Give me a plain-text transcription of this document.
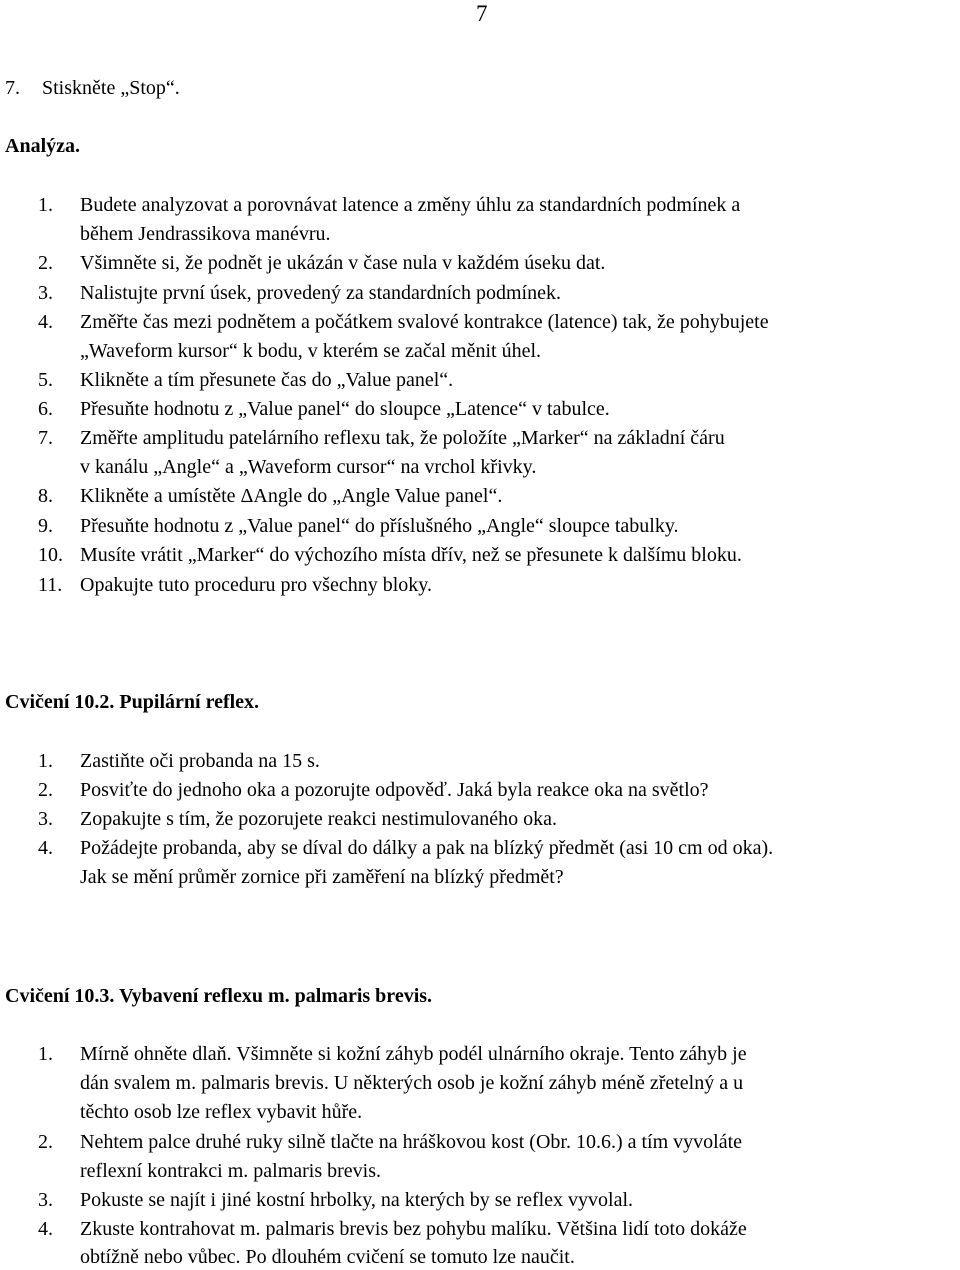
7
7. Stiskněte „Stop“.
Analýza.
1. Budete analyzovat a porovnávat latence a změny úhlu za standardních podmínek a
během Jendrassikova manévru.
2. Všimněte si, že podnět je ukázán v čase nula v každém úseku dat.
3. Nalistujte první úsek, provedený za standardních podmínek.
4. Změřte čas mezi podnětem a počátkem svalové kontrakce (latence) tak, že pohybujete
„Waveform kursor“ k bodu, v kterém se začal měnit úhel.
5. Klikněte a tím přesunete čas do „Value panel“.
6. Přesuňte hodnotu z „Value panel“ do sloupce „Latence“ v tabulce.
7. Změřte amplitudu patelárního reflexu tak, že položíte „Marker“ na základní čáru
v kanálu „Angle“ a „Waveform cursor“ na vrchol křivky.
8. Klikněte a umístěte ΔAngle do „Angle Value panel“.
9. Přesuňte hodnotu z „Value panel“ do příslušného „Angle“ sloupce tabulky.
10. Musíte vrátit „Marker“ do výchozího místa dřív, než se přesunete k dalšímu bloku.
11. Opakujte tuto proceduru pro všechny bloky.
Cvičení 10.2. Pupilární reflex.
1. Zastiňte oči probanda na 15 s.
2. Posviťte do jednoho oka a pozorujte odpověď. Jaká byla reakce oka na světlo?
3. Zopakujte s tím, že pozorujete reakci nestimulovaného oka.
4. Požádejte probanda, aby se díval do dálky a pak na blízký předmět (asi 10 cm od oka).
Jak se mění průměr zornice při zaměření na blízký předmět?
Cvičení 10.3. Vybavení reflexu m. palmaris brevis.
1. Mírně ohněte dlaň. Všimněte si kožní záhyb podél ulnárního okraje. Tento záhyb je
dán svalem m. palmaris brevis. U některých osob je kožní záhyb méně zřetelný a u
těchto osob lze reflex vybavit hůře.
2. Nehtem palce druhé ruky silně tlačte na hráškovou kost (Obr. 10.6.) a tím vyvoláte
reflexní kontrakci m. palmaris brevis.
3. Pokuste se najít i jiné kostní hrbolky, na kterých by se reflex vyvolal.
4. Zkuste kontrahovat m. palmaris brevis bez pohybu malíku. Většina lidí toto dokáže
obtížně nebo vůbec. Po dlouhém cvičení se tomuto lze naučit.
